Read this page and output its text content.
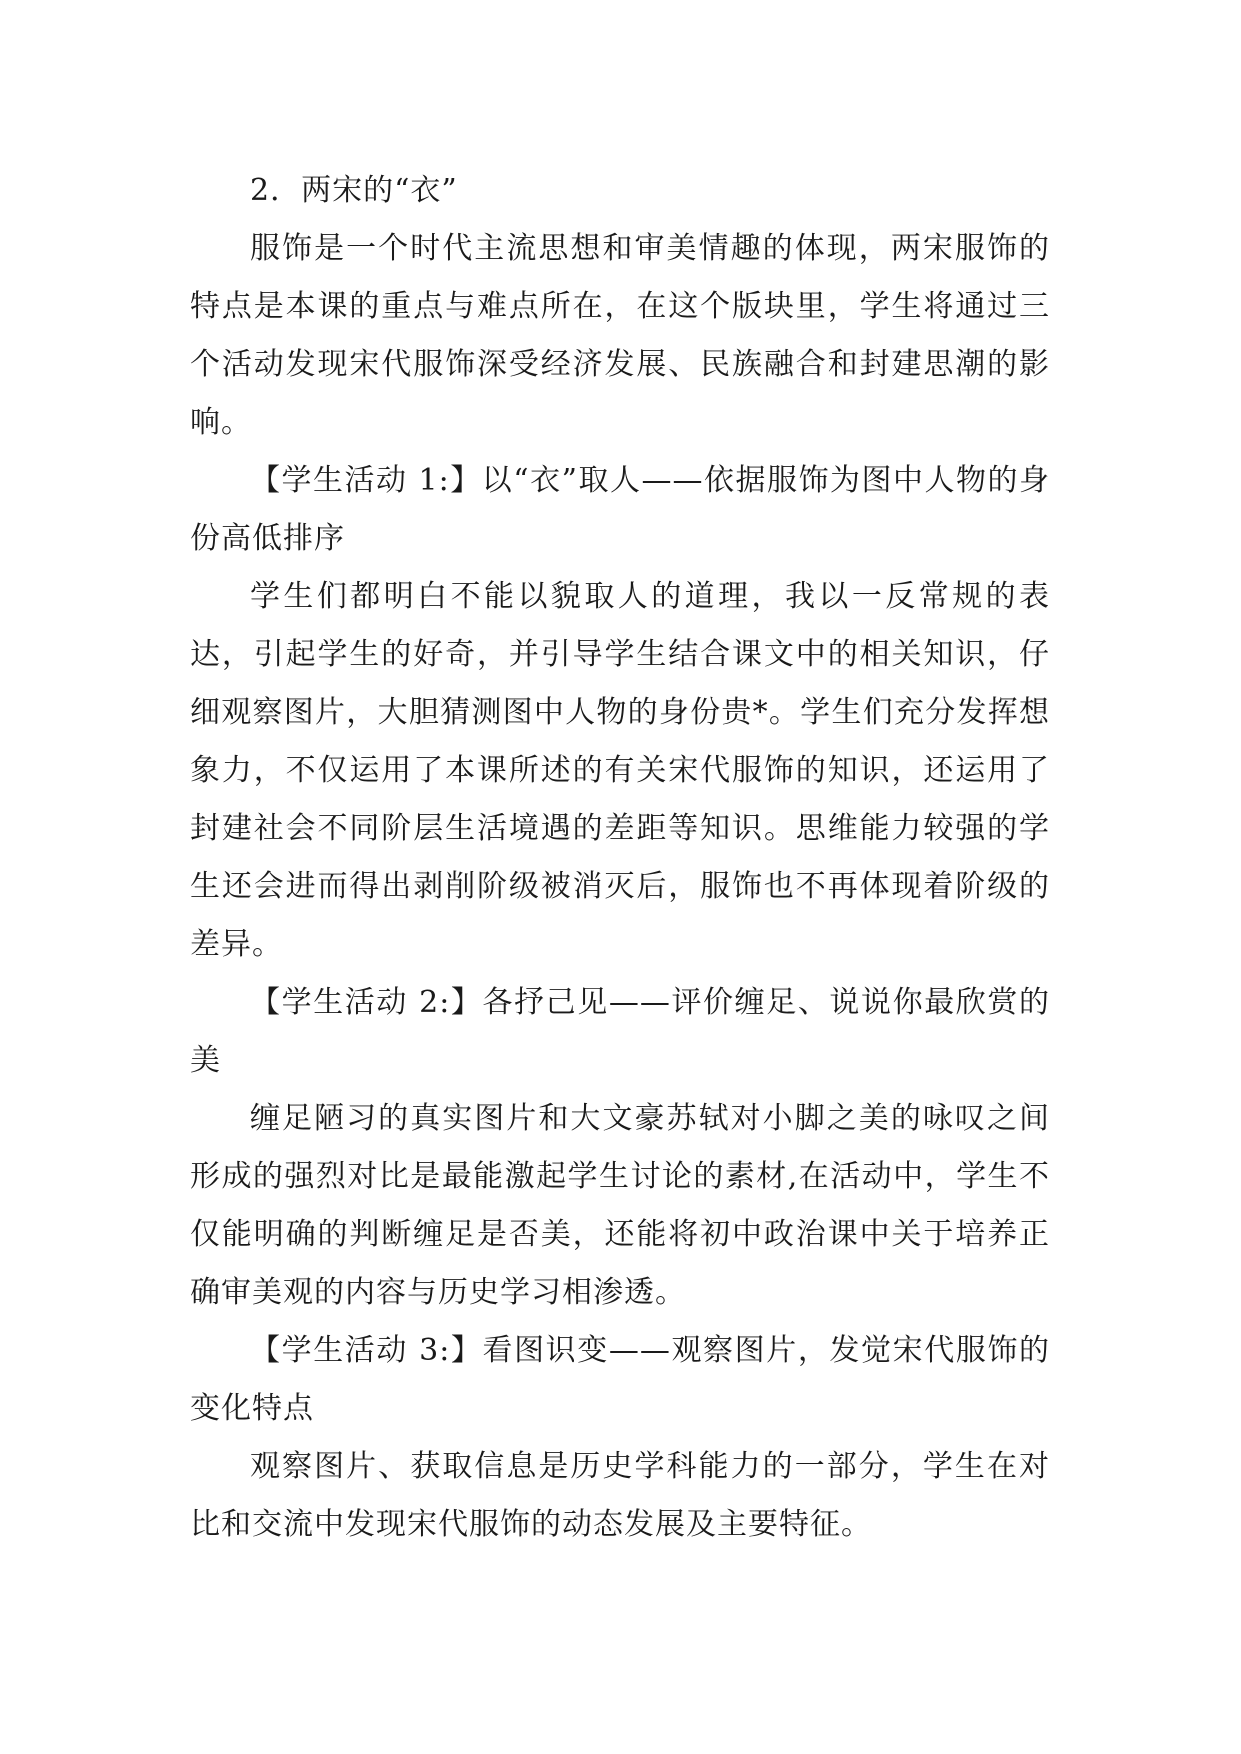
2．两宋的“衣”

服饰是一个时代主流思想和审美情趣的体现，两宋服饰的特点是本课的重点与难点所在，在这个版块里，学生将通过三个活动发现宋代服饰深受经济发展、民族融合和封建思潮的影响。

【学生活动 1:】以“衣”取人——依据服饰为图中人物的身份高低排序

学生们都明白不能以貌取人的道理，我以一反常规的表达，引起学生的好奇，并引导学生结合课文中的相关知识，仔细观察图片，大胆猜测图中人物的身份贵*。学生们充分发挥想象力，不仅运用了本课所述的有关宋代服饰的知识，还运用了封建社会不同阶层生活境遇的差距等知识。思维能力较强的学生还会进而得出剥削阶级被消灭后，服饰也不再体现着阶级的差异。

【学生活动 2:】各抒己见——评价缠足、说说你最欣赏的美

缠足陋习的真实图片和大文豪苏轼对小脚之美的咏叹之间形成的强烈对比是最能激起学生讨论的素材,在活动中，学生不仅能明确的判断缠足是否美，还能将初中政治课中关于培养正确审美观的内容与历史学习相渗透。

【学生活动 3:】看图识变——观察图片，发觉宋代服饰的变化特点

观察图片、获取信息是历史学科能力的一部分，学生在对比和交流中发现宋代服饰的动态发展及主要特征。
